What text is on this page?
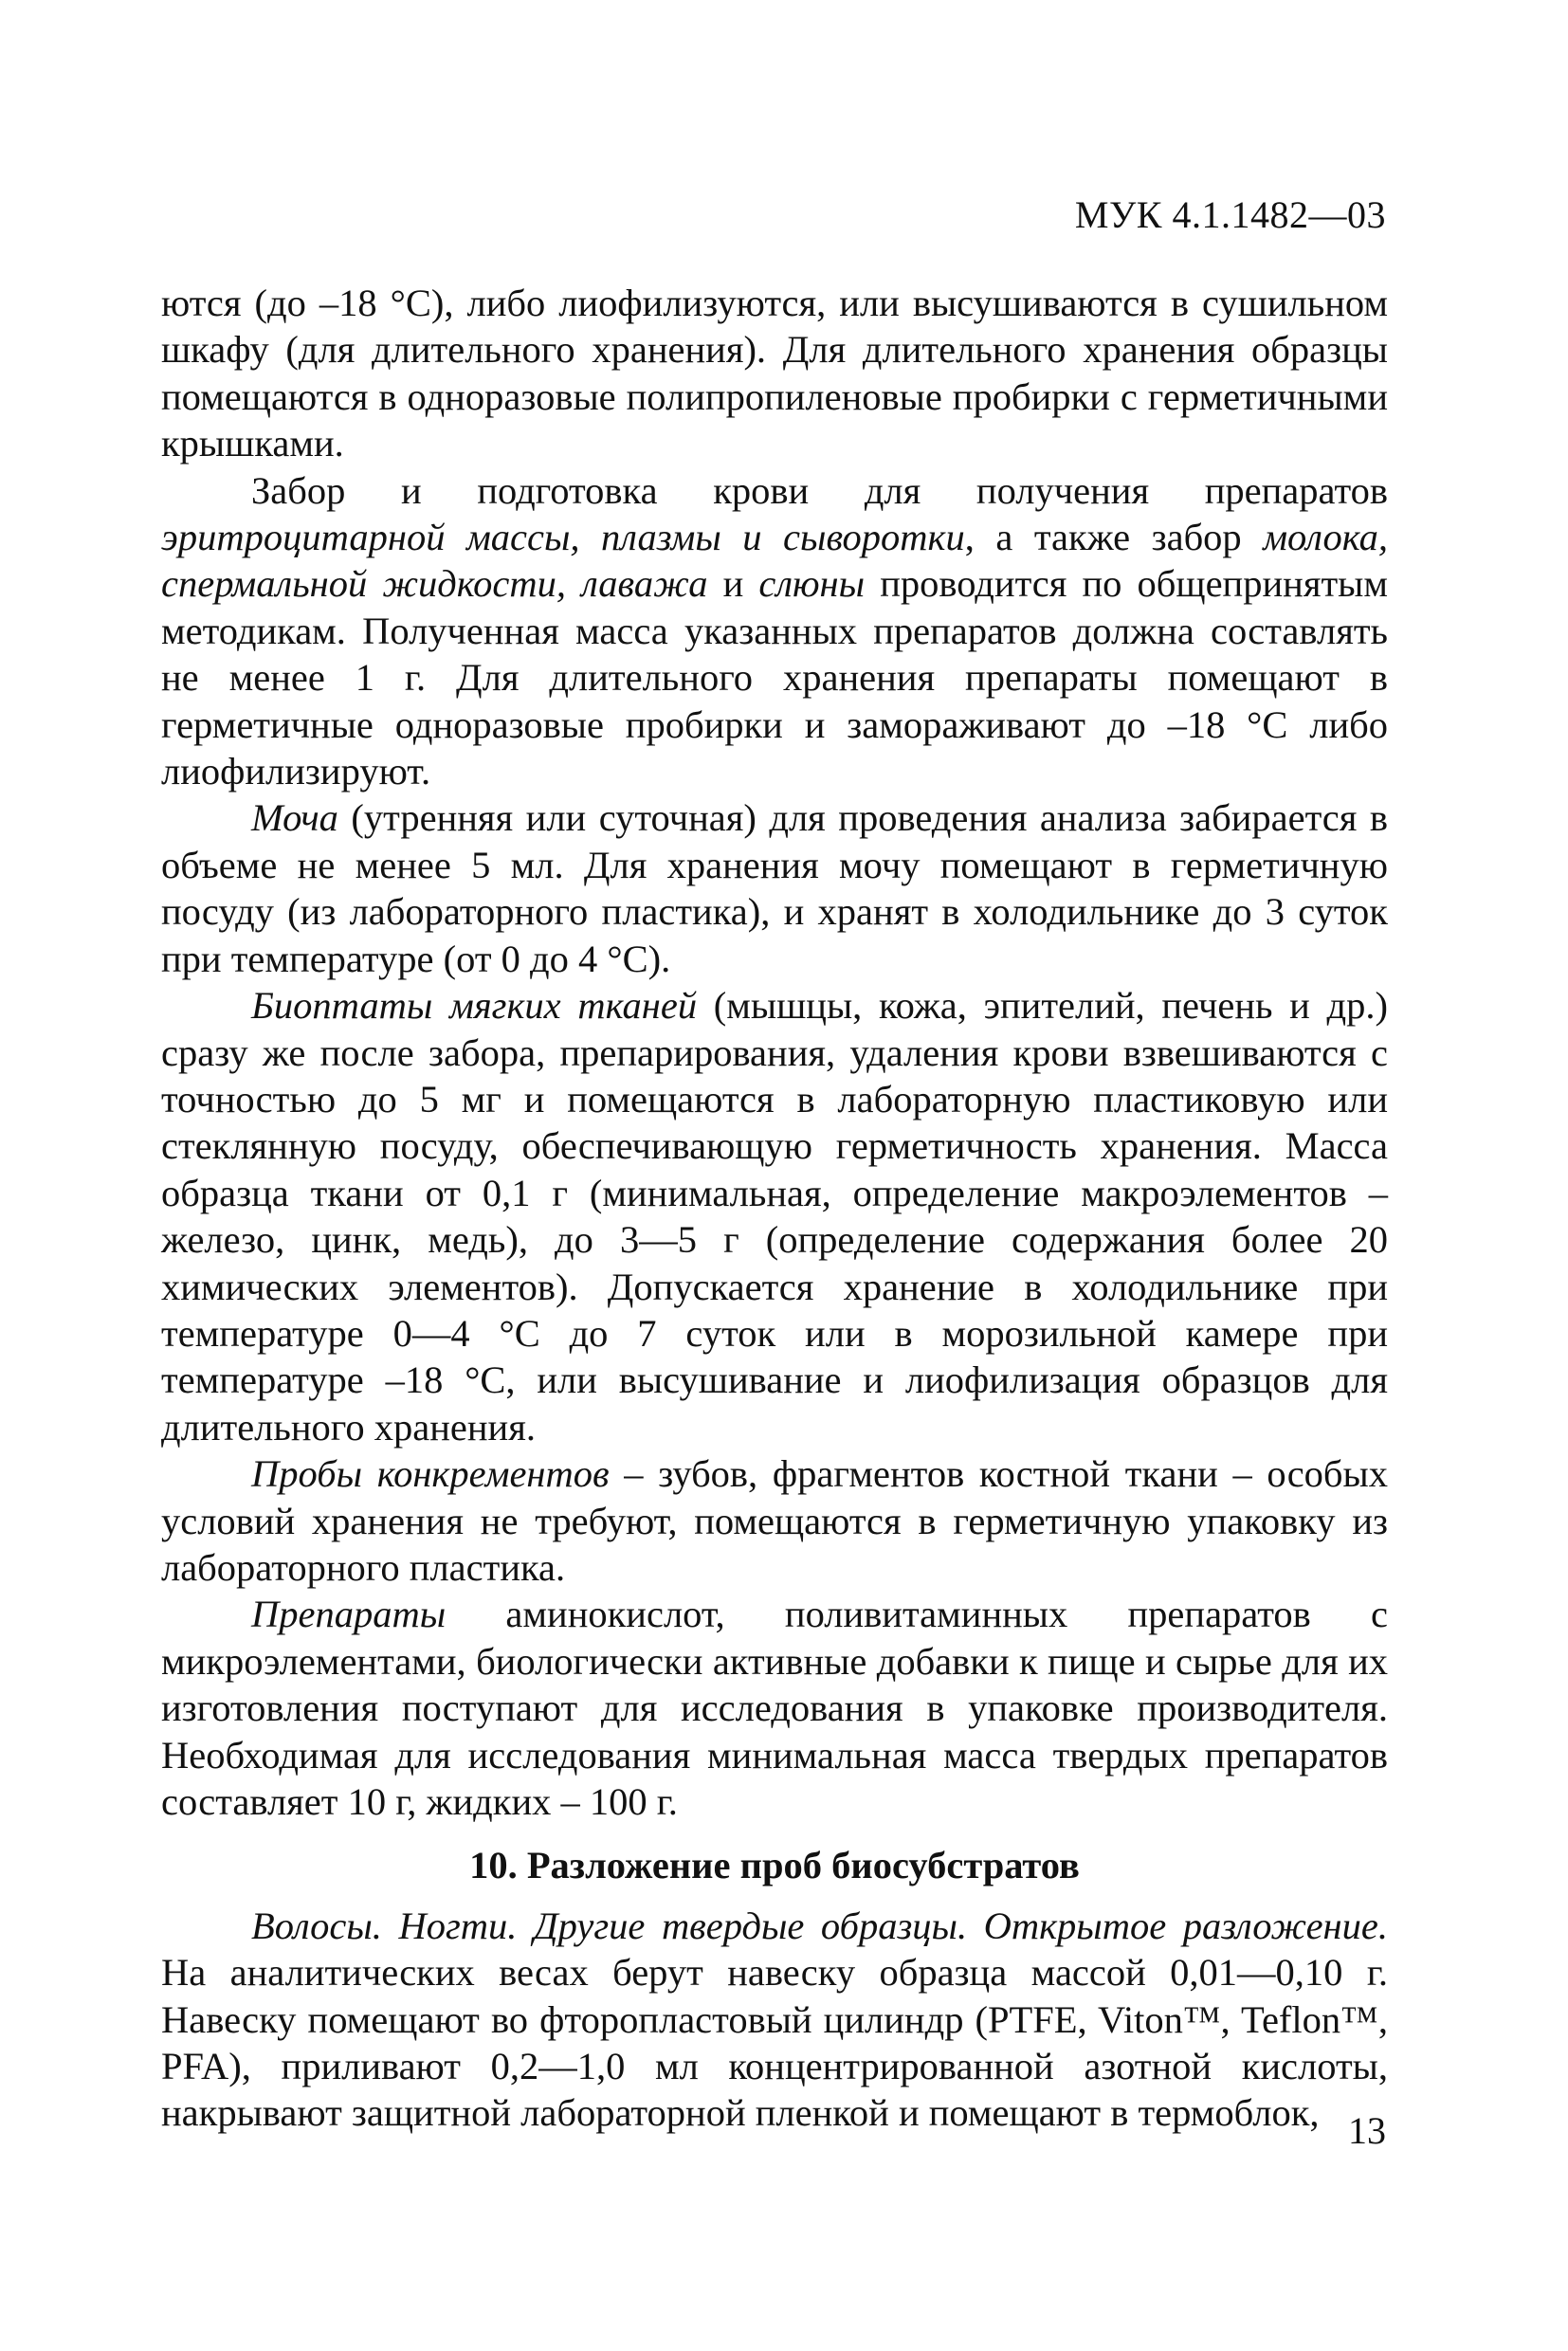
МУК 4.1.1482—03

ются (до –18 °С), либо лиофилизуются, или высушиваются в сушильном шкафу (для длительного хранения). Для длительного хранения образцы помещаются в одноразовые полипропиленовые пробирки с герметичными крышками.

Забор и подготовка крови для получения препаратов эритроцитарной массы, плазмы и сыворотки, а также забор молока, спермальной жидкости, лаважа и слюны проводится по общепринятым методикам. Полученная масса указанных препаратов должна составлять не менее 1 г. Для длительного хранения препараты помещают в герметичные одноразовые пробирки и замораживают до –18 °С либо лиофилизируют.

Моча (утренняя или суточная) для проведения анализа забирается в объеме не менее 5 мл. Для хранения мочу помещают в герметичную посуду (из лабораторного пластика), и хранят в холодильнике до 3 суток при температуре (от 0 до 4 °С).

Биоптаты мягких тканей (мышцы, кожа, эпителий, печень и др.) сразу же после забора, препарирования, удаления крови взвешиваются с точностью до 5 мг и помещаются в лабораторную пластиковую или стеклянную посуду, обеспечивающую герметичность хранения. Масса образца ткани от 0,1 г (минимальная, определение макроэлементов – железо, цинк, медь), до 3—5 г (определение содержания более 20 химических элементов). Допускается хранение в холодильнике при температуре 0—4 °С до 7 суток или в морозильной камере при температуре –18 °С, или высушивание и лиофилизация образцов для длительного хранения.

Пробы конкрементов – зубов, фрагментов костной ткани – особых условий хранения не требуют, помещаются в герметичную упаковку из лабораторного пластика.

Препараты аминокислот, поливитаминных препаратов с микроэлементами, биологически активные добавки к пище и сырье для их изготовления поступают для исследования в упаковке производителя. Необходимая для исследования минимальная масса твердых препаратов составляет 10 г, жидких – 100 г.

10. Разложение проб биосубстратов

Волосы. Ногти. Другие твердые образцы. Открытое разложение. На аналитических весах берут навеску образца массой 0,01—0,10 г. Навеску помещают во фторопластовый цилиндр (PTFE, Viton™, Teflon™, PFA), приливают 0,2—1,0 мл концентрированной азотной кислоты, накрывают защитной лабораторной пленкой и помещают в термоблок, 13
